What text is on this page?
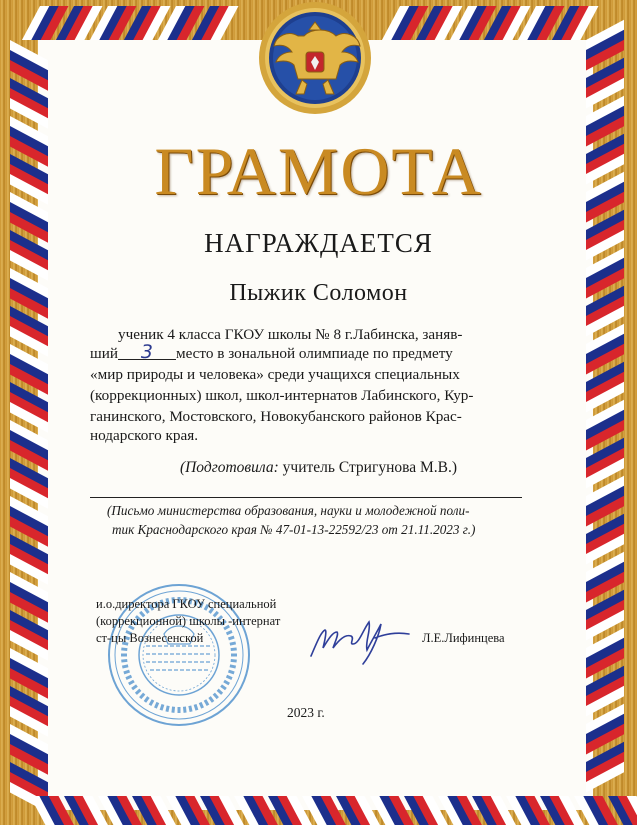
ГРАМОТА
НАГРАЖДАЕТСЯ
Пыжик Соломон
ученик 4 класса ГКОУ школы № 8 г.Лабинска, заняв-
ший 3 место в зональной олимпиаде по предмету
«мир природы и человека» среди учащихся специальных
(коррекционных) школ, школ-интернатов Лабинского, Кур-
ганинского, Мостовского, Новокубанского районов Крас-
нодарского края.
(Подготовила: учитель Стригунова М.В.)
(Письмо министерства образования, науки и молодежной поли-
тик Краснодарского края № 47-01-13-22592/23 от 21.11.2023 г.)
и.о.директора ГКОУ специальной
(коррекционной) школы -интернат
ст-цы Вознесенской	Л.Е.Лифинцева
2023 г.
